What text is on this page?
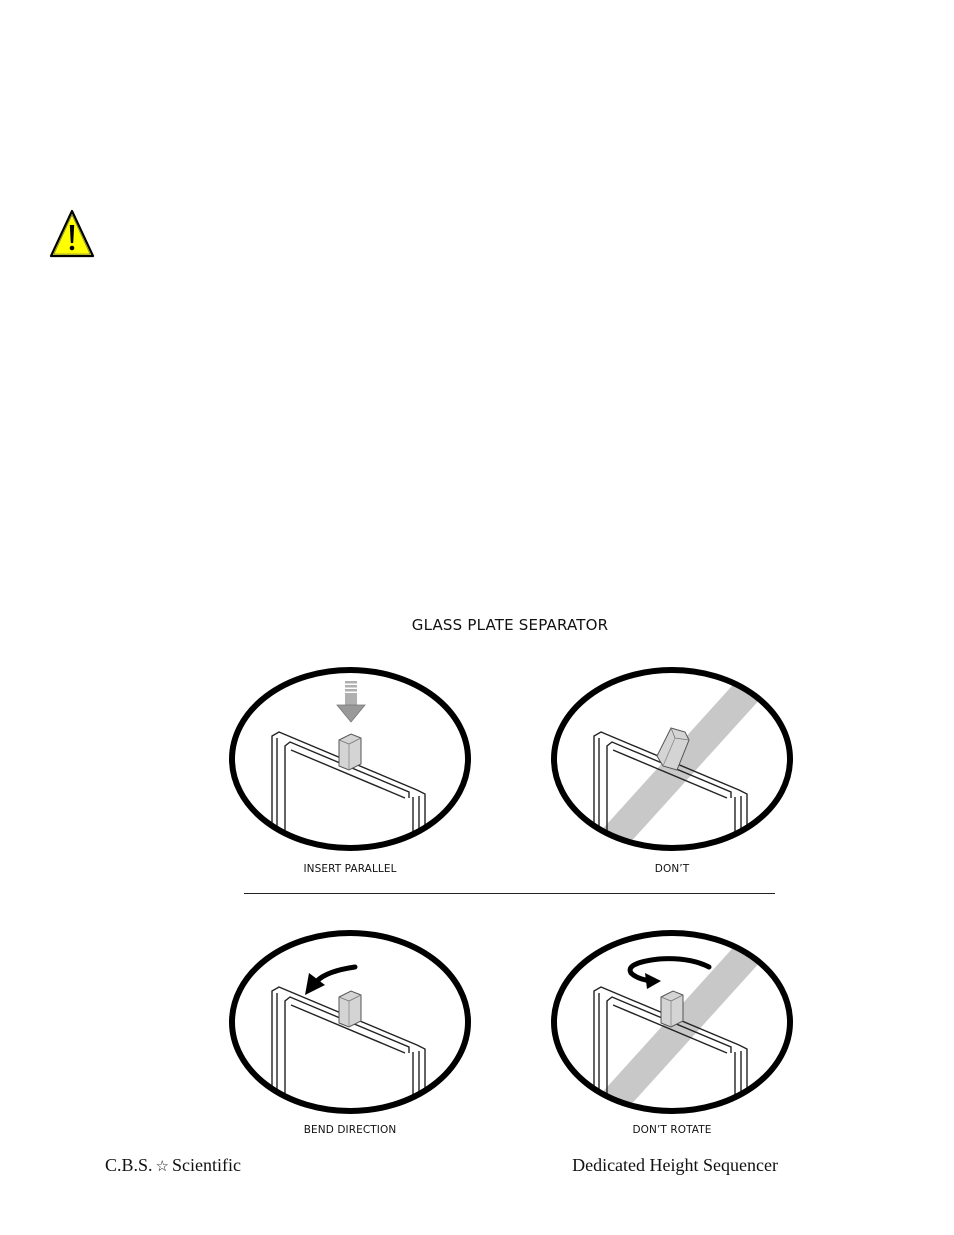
GLASS PLATE SEPARATOR
INSERT PARALLEL	DON’T
BEND DIRECTION	DON’T ROTATE
C.B.S. ☆ Scientific	Dedicated Height Sequencer
